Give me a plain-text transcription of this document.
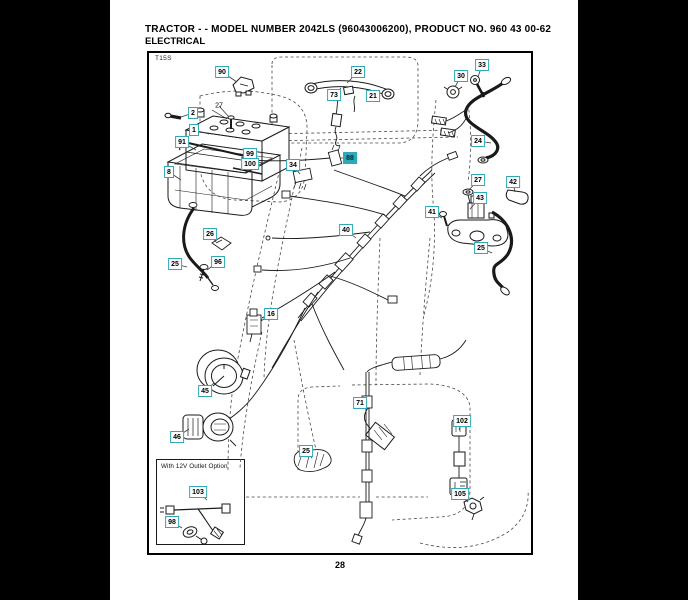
TRACTOR - - MODEL NUMBER 2042LS (96043006200), PRODUCT NO. 960 43 00-62
ELECTRICAL
T15S
With 12V Outlet Option
90
2
27
1
91
8
99
100	34
22
73	21
30
33
24
88
27	42
43
41
25
40
26
96
25
16
45
46
71
102
25
105
103
98
28
